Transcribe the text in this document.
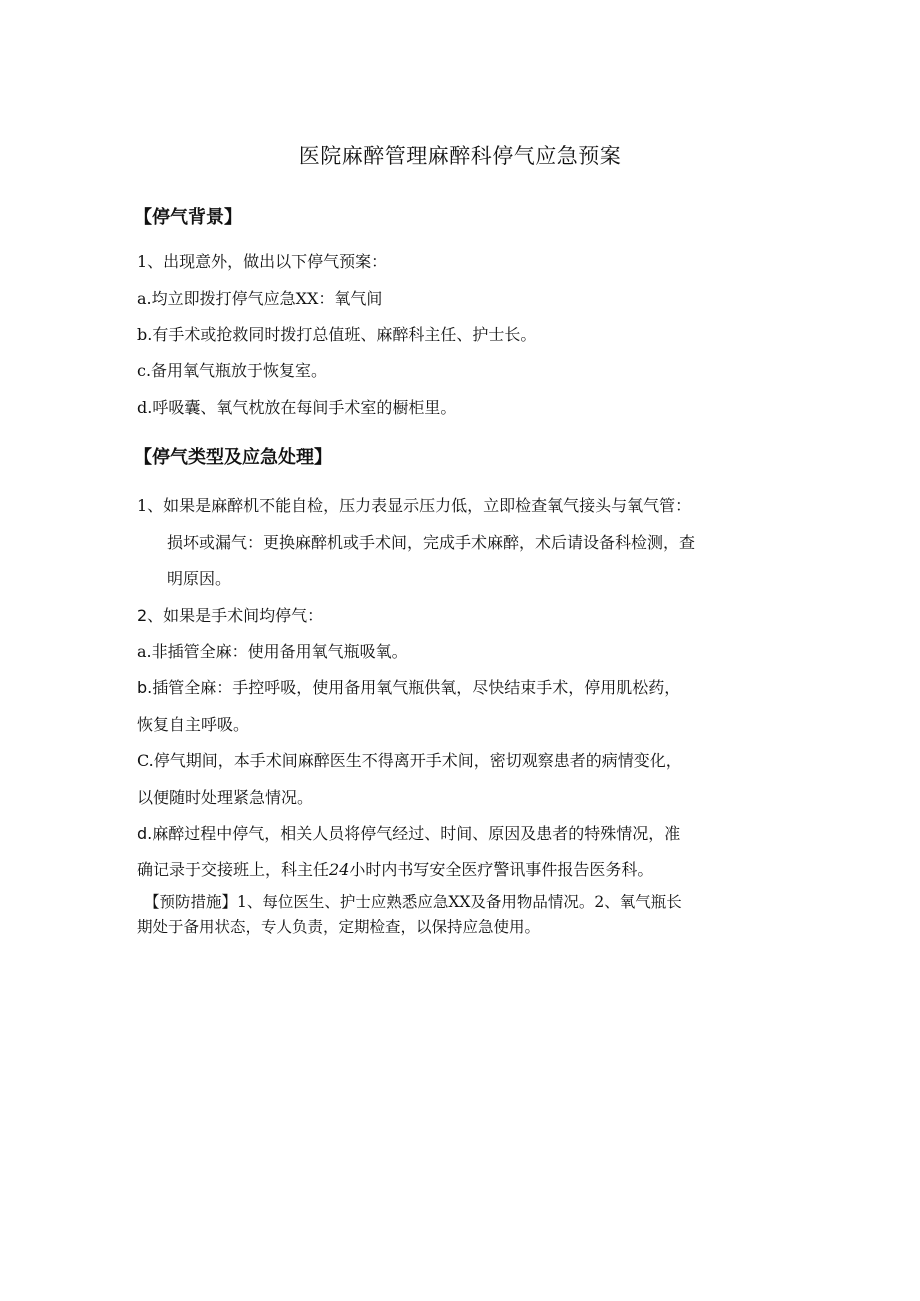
医院麻醉管理麻醉科停气应急预案
【停气背景】
1、出现意外，做出以下停气预案：
a.均立即拨打停气应急XX：氧气间
b.有手术或抢救同时拨打总值班、麻醉科主任、护士长。
c.备用氧气瓶放于恢复室。
d.呼吸囊、氧气枕放在每间手术室的橱柜里。
【停气类型及应急处理】
1、如果是麻醉机不能自检，压力表显示压力低，立即检查氧气接头与氧气管：
损坏或漏气：更换麻醉机或手术间，完成手术麻醉，术后请设备科检测，查
明原因。
2、如果是手术间均停气：
a.非插管全麻：使用备用氧气瓶吸氧。
b.插管全麻：手控呼吸，使用备用氧气瓶供氧，尽快结束手术，停用肌松药，
恢复自主呼吸。
C.停气期间，本手术间麻醉医生不得离开手术间，密切观察患者的病情变化，
以便随时处理紧急情况。
d.麻醉过程中停气，相关人员将停气经过、时间、原因及患者的特殊情况，准
确记录于交接班上，科主任24小时内书写安全医疗警讯事件报告医务科。
【预防措施】1、每位医生、护士应熟悉应急XX及备用物品情况。2、氧气瓶长
期处于备用状态，专人负责，定期检查，以保持应急使用。
